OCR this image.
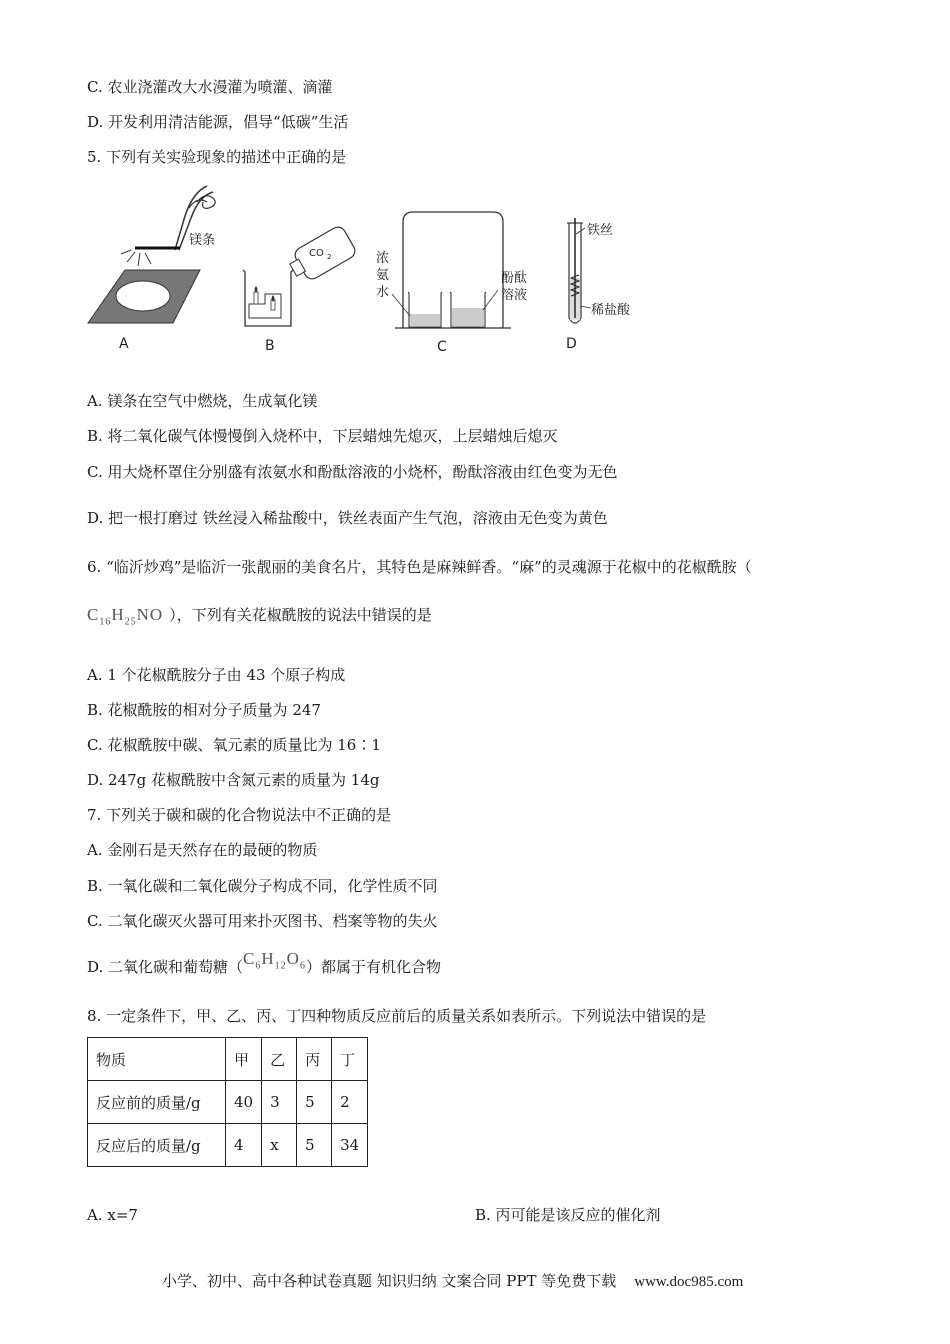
C. 农业浇灌改大水漫灌为喷灌、滴灌
D. 开发利用清洁能源，倡导“低碳”生活
5. 下列有关实验现象的描述中正确的是
镁条
A
CO 2
B
浓
氨
水
酚酞
溶液
C
铁丝
稀盐酸
D
A. 镁条在空气中燃烧，生成氧化镁
B. 将二氧化碳气体慢慢倒入烧杯中，下层蜡烛先熄灭，上层蜡烛后熄灭
C. 用大烧杯罩住分别盛有浓氨水和酚酞溶液的小烧杯，酚酞溶液由红色变为无色
D. 把一根打磨过 铁丝浸入稀盐酸中，铁丝表面产生气泡，溶液由无色变为黄色
6. “临沂炒鸡”是临沂一张靓丽的美食名片，其特色是麻辣鲜香。“麻”的灵魂源于花椒中的花椒酰胺（
$C_{16}H_{25}NO$ ），下列有关花椒酰胺的说法中错误的是
A. 1 个花椒酰胺分子由 43 个原子构成
B. 花椒酰胺的相对分子质量为 247
C. 花椒酰胺中碳、氧元素的质量比为 16∶1
D. 247g 花椒酰胺中含氮元素的质量为 14g
7. 下列关于碳和碳的化合物说法中不正确的是
A. 金刚石是天然存在的最硬的物质
B. 一氧化碳和二氧化碳分子构成不同，化学性质不同
C. 二氧化碳灭火器可用来扑灭图书、档案等物的失火
D. 二氧化碳和葡萄糖$(C_6H_{12}O_6)$都属于有机化合物
8. 一定条件下，甲、乙、丙、丁四种物质反应前后的质量关系如表所示。下列说法中错误的是
物质	甲	乙	丙	丁
反应前的质量/g	40	3	5	2
反应后的质量/g	4	x	5	34
A. x=7	B. 丙可能是该反应的催化剂
小学、初中、高中各种试卷真题 知识归纳 文案合同 PPT 等免费下载 www.doc985.com
